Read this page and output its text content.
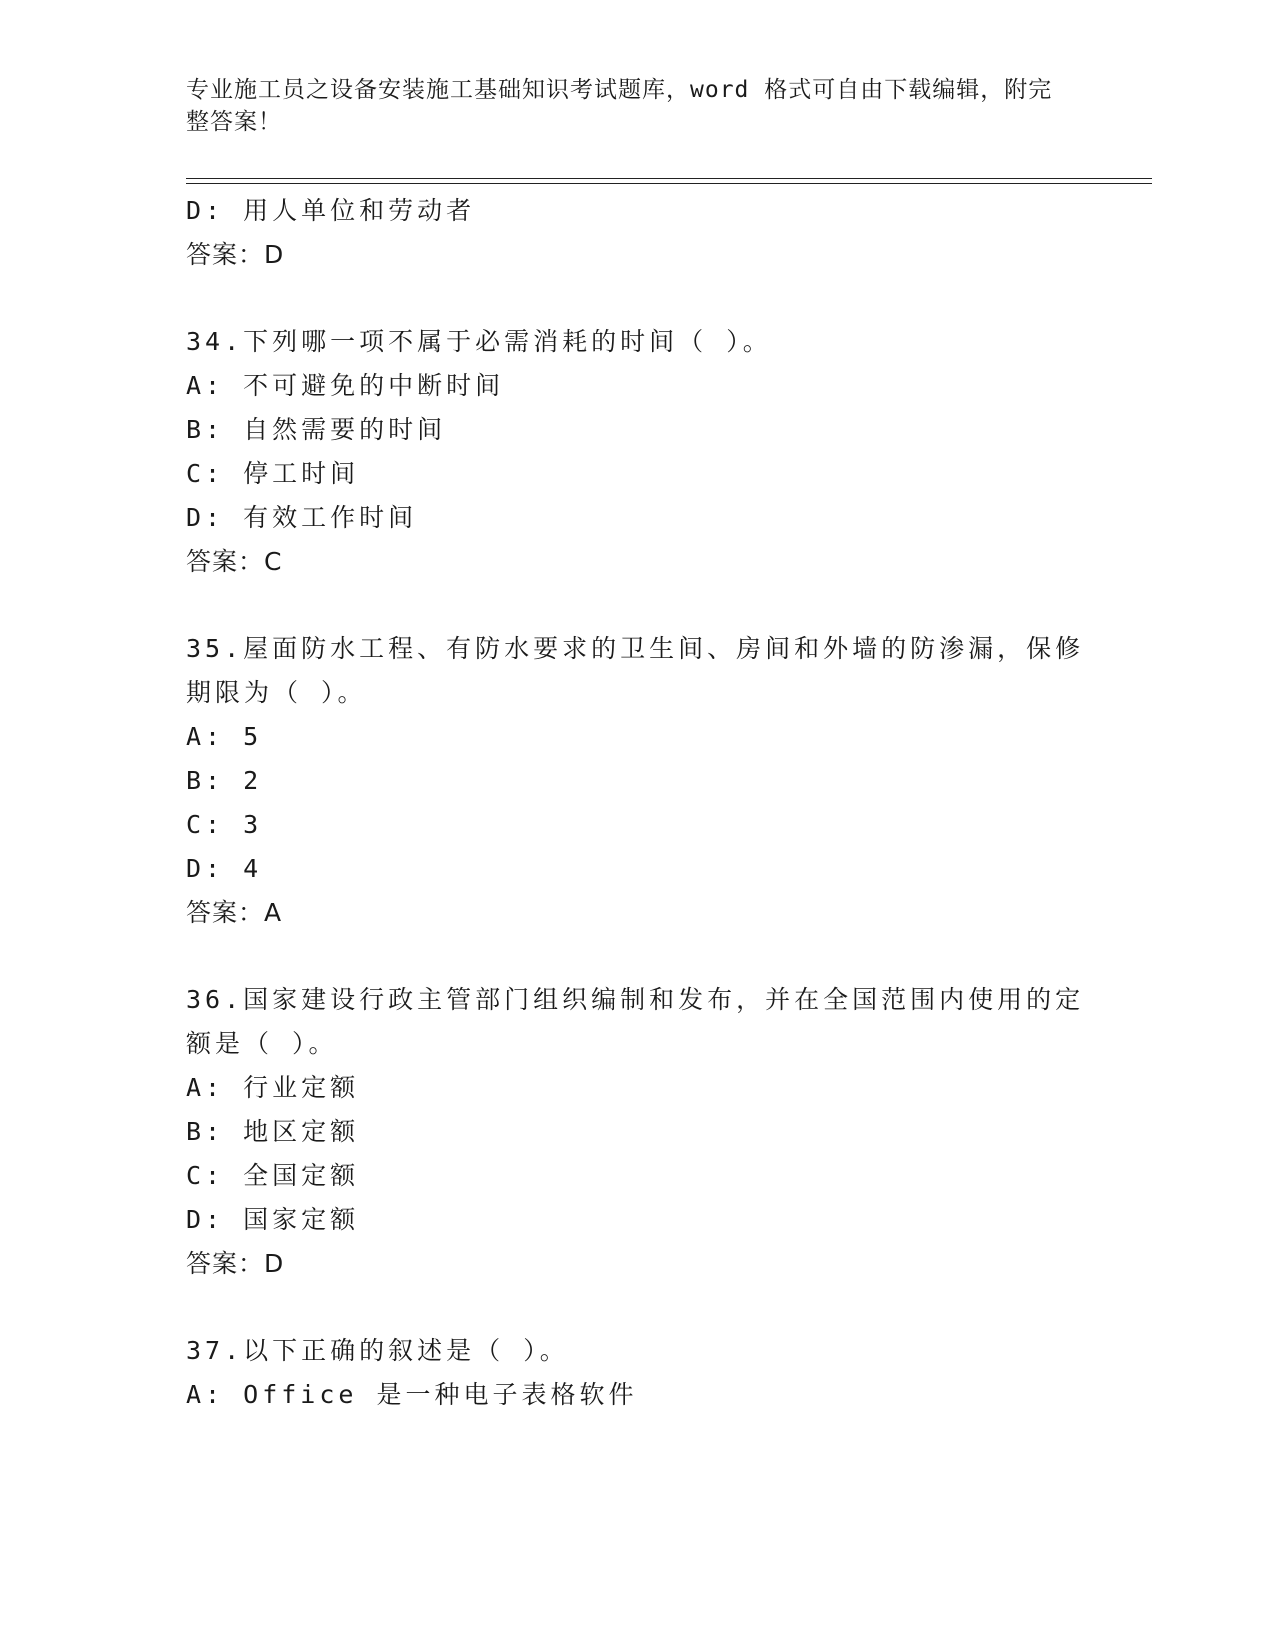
专业施工员之设备安装施工基础知识考试题库，word 格式可自由下载编辑，附完整答案！
D: 用人单位和劳动者
答案：D
34.下列哪一项不属于必需消耗的时间（ ）。
A: 不可避免的中断时间
B: 自然需要的时间
C: 停工时间
D: 有效工作时间
答案：C
35.屋面防水工程、有防水要求的卫生间、房间和外墙的防渗漏，保修
期限为（ ）。
A: 5
B: 2
C: 3
D: 4
答案：A
36.国家建设行政主管部门组织编制和发布，并在全国范围内使用的定
额是（ ）。
A: 行业定额
B: 地区定额
C: 全国定额
D: 国家定额
答案：D
37.以下正确的叙述是（ ）。
A: Office 是一种电子表格软件
